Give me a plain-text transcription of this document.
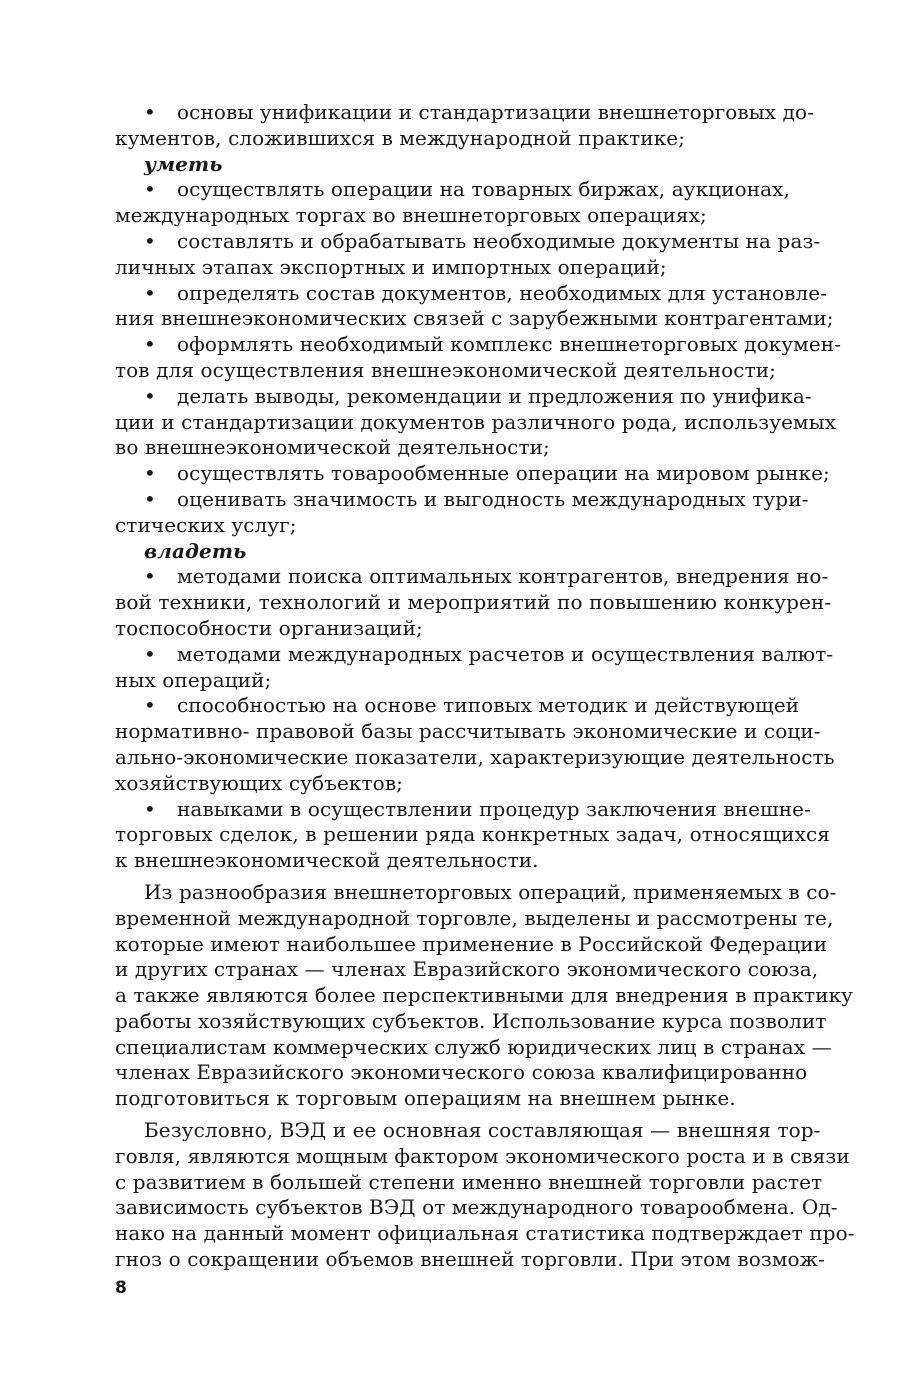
• основы унификации и стандартизации внешнеторговых до-
кументов, сложившихся в международной практике;
уметь
• осуществлять операции на товарных биржах, аукционах,
международных торгах во внешнеторговых операциях;
• составлять и обрабатывать необходимые документы на раз-
личных этапах экспортных и импортных операций;
• определять состав документов, необходимых для установле-
ния внешнеэкономических связей с зарубежными контрагентами;
• оформлять необходимый комплекс внешнеторговых докумен-
тов для осуществления внешнеэкономической деятельности;
• делать выводы, рекомендации и предложения по унифика-
ции и стандартизации документов различного рода, используемых
во внешнеэкономической деятельности;
• осуществлять товарообменные операции на мировом рынке;
• оценивать значимость и выгодность международных тури-
стических услуг;
владеть
• методами поиска оптимальных контрагентов, внедрения но-
вой техники, технологий и мероприятий по повышению конкурен-
тоспособности организаций;
• методами международных расчетов и осуществления валют-
ных операций;
• способностью на основе типовых методик и действующей
нормативно- правовой базы рассчитывать экономические и соци-
ально-экономические показатели, характеризующие деятельность
хозяйствующих субъектов;
• навыками в осуществлении процедур заключения внешне-
торговых сделок, в решении ряда конкретных задач, относящихся
к внешнеэкономической деятельности.
Из разнообразия внешнеторговых операций, применяемых в со-
временной международной торговле, выделены и рассмотрены те,
которые имеют наибольшее применение в Российской Федерации
и других странах — членах Евразийского экономического союза,
а также являются более перспективными для внедрения в практику
работы хозяйствующих субъектов. Использование курса позволит
специалистам коммерческих служб юридических лиц в странах —
членах Евразийского экономического союза квалифицированно
подготовиться к торговым операциям на внешнем рынке.
Безусловно, ВЭД и ее основная составляющая — внешняя тор-
говля, являются мощным фактором экономического роста и в связи
с развитием в большей степени именно внешней торговли растет
зависимость субъектов ВЭД от международного товарообмена. Од-
нако на данный момент официальная статистика подтверждает про-
гноз о сокращении объемов внешней торговли. При этом возмож-
8
